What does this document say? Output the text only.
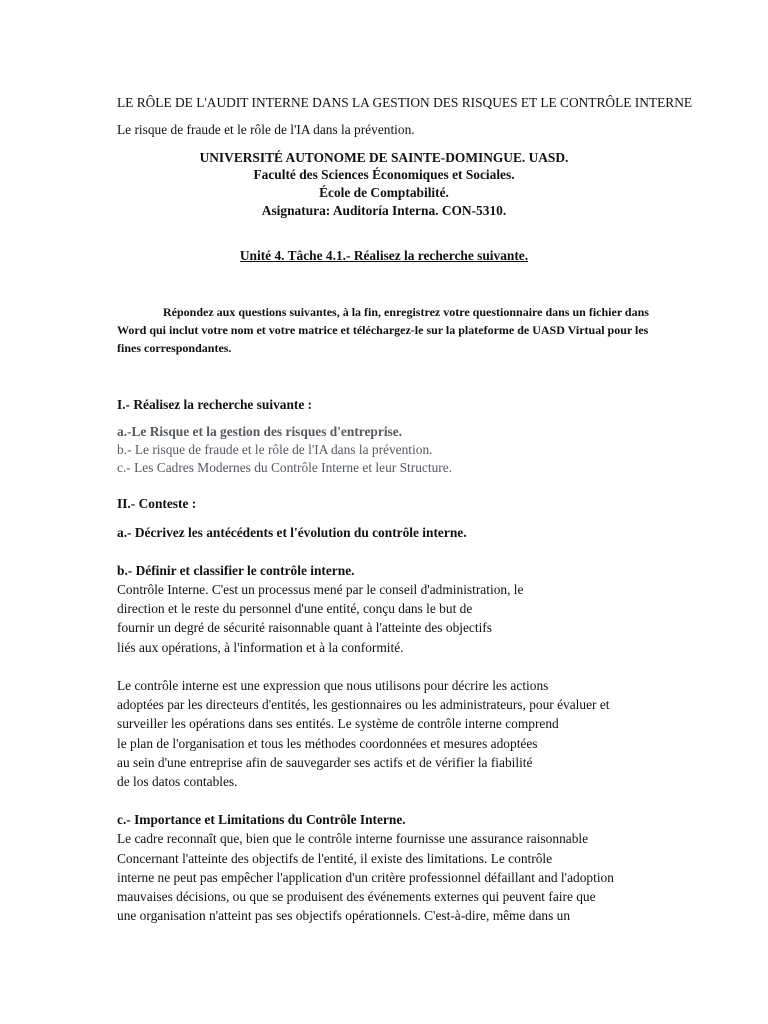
LE RÔLE DE L'AUDIT INTERNE DANS LA GESTION DES RISQUES ET LE CONTRÔLE INTERNE
Le risque de fraude et le rôle de l'IA dans la prévention.
UNIVERSITÉ AUTONOME DE SAINTE-DOMINGUE. UASD.
Faculté des Sciences Économiques et Sociales.
École de Comptabilité.
Asignatura: Auditoría Interna. CON-5310.
Unité 4. Tâche 4.1.- Réalisez la recherche suivante.
Répondez aux questions suivantes, à la fin, enregistrez votre questionnaire dans un fichier dans
Word qui inclut votre nom et votre matrice et téléchargez-le sur la plateforme de UASD Virtual pour les
fines correspondantes.
I.- Réalisez la recherche suivante :
a.-Le Risque et la gestion des risques d'entreprise.
b.- Le risque de fraude et le rôle de l'IA dans la prévention.
c.- Les Cadres Modernes du Contrôle Interne et leur Structure.
II.- Conteste :
a.- Décrivez les antécédents et l'évolution du contrôle interne.
b.- Définir et classifier le contrôle interne.
Contrôle Interne. C'est un processus mené par le conseil d'administration, le
direction et le reste du personnel d'une entité, conçu dans le but de
fournir un degré de sécurité raisonnable quant à l'atteinte des objectifs
liés aux opérations, à l'information et à la conformité.
Le contrôle interne est une expression que nous utilisons pour décrire les actions
adoptées par les directeurs d'entités, les gestionnaires ou les administrateurs, pour évaluer et
surveiller les opérations dans ses entités. Le système de contrôle interne comprend
le plan de l'organisation et tous les méthodes coordonnées et mesures adoptées
au sein d'une entreprise afin de sauvegarder ses actifs et de vérifier la fiabilité
de los datos contables.
c.- Importance et Limitations du Contrôle Interne.
Le cadre reconnaît que, bien que le contrôle interne fournisse une assurance raisonnable
Concernant l'atteinte des objectifs de l'entité, il existe des limitations. Le contrôle
interne ne peut pas empêcher l'application d'un critère professionnel défaillant and l'adoption
mauvaises décisions, ou que se produisent des événements externes qui peuvent faire que
une organisation n'atteint pas ses objectifs opérationnels. C'est-à-dire, même dans un
